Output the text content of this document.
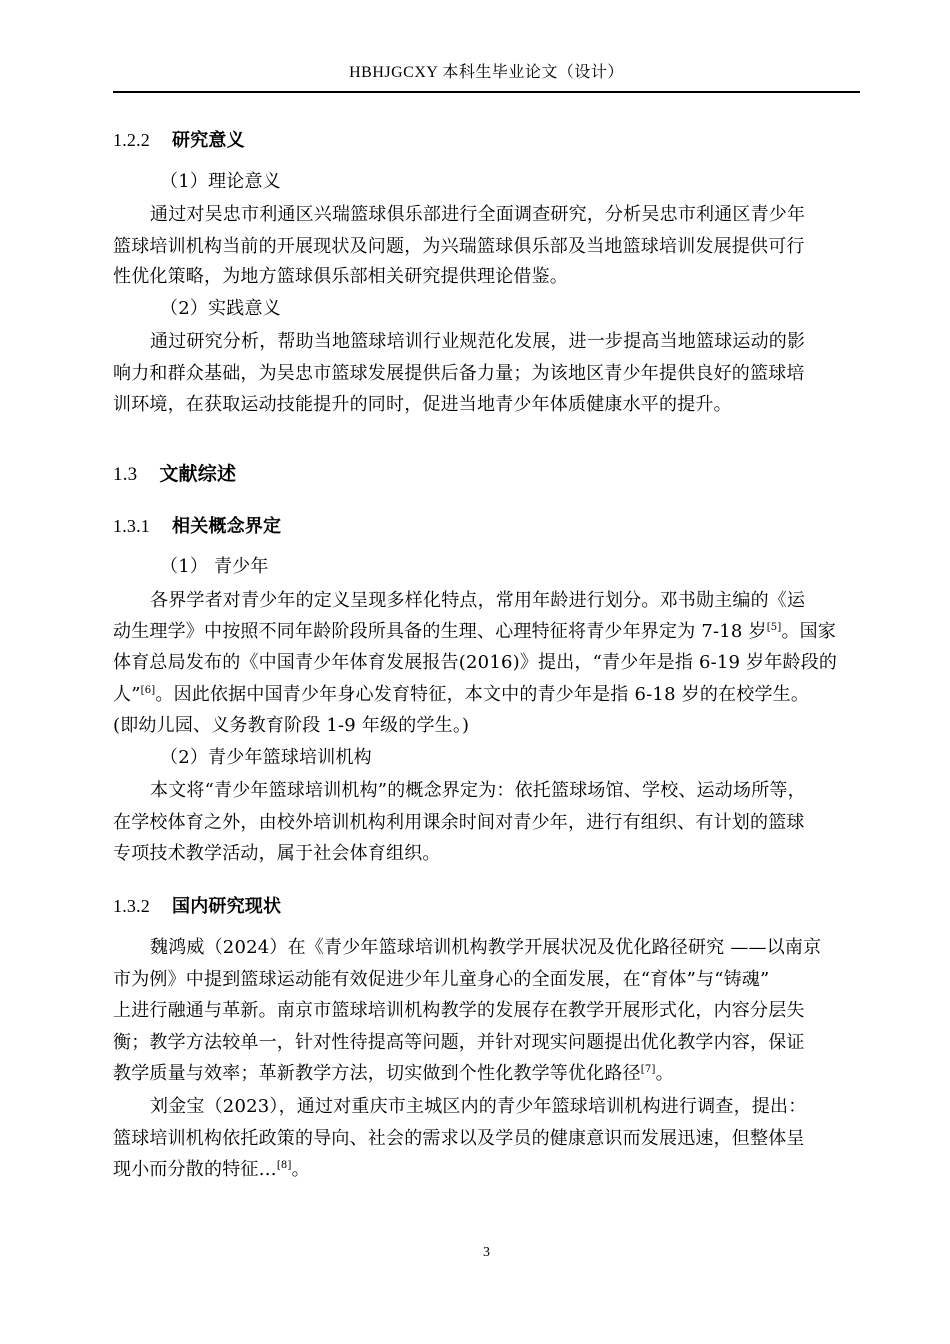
HBHJGCXY 本科生毕业论文（设计）
1.2.2 研究意义
（1）理论意义
通过对吴忠市利通区兴瑞篮球俱乐部进行全面调查研究，分析吴忠市利通区青少年
篮球培训机构当前的开展现状及问题，为兴瑞篮球俱乐部及当地篮球培训发展提供可行
性优化策略，为地方篮球俱乐部相关研究提供理论借鉴。
（2）实践意义
通过研究分析，帮助当地篮球培训行业规范化发展，进一步提高当地篮球运动的影
响力和群众基础，为吴忠市篮球发展提供后备力量；为该地区青少年提供良好的篮球培
训环境，在获取运动技能提升的同时，促进当地青少年体质健康水平的提升。
1.3 文献综述
1.3.1 相关概念界定
（1） 青少年
各界学者对青少年的定义呈现多样化特点，常用年龄进行划分。邓书勋主编的《运
动生理学》中按照不同年龄阶段所具备的生理、心理特征将青少年界定为 7-18 岁[5]。国家
体育总局发布的《中国青少年体育发展报告(2016)》提出，“青少年是指 6-19 岁年龄段的
人”[6]。因此依据中国青少年身心发育特征，本文中的青少年是指 6-18 岁的在校学生。
(即幼儿园、义务教育阶段 1-9 年级的学生。)
（2）青少年篮球培训机构
本文将“青少年篮球培训机构”的概念界定为：依托篮球场馆、学校、运动场所等，
在学校体育之外，由校外培训机构利用课余时间对青少年，进行有组织、有计划的篮球
专项技术教学活动，属于社会体育组织。
1.3.2 国内研究现状
魏鸿威（2024）在《青少年篮球培训机构教学开展状况及优化路径研究 ——以南京
市为例》中提到篮球运动能有效促进少年儿童身心的全面发展，在“育体”与“铸魂”
上进行融通与革新。南京市篮球培训机构教学的发展存在教学开展形式化，内容分层失
衡；教学方法较单一，针对性待提高等问题，并针对现实问题提出优化教学内容，保证
教学质量与效率；革新教学方法，切实做到个性化教学等优化路径[7]。
刘金宝（2023），通过对重庆市主城区内的青少年篮球培训机构进行调查，提出：
篮球培训机构依托政策的导向、社会的需求以及学员的健康意识而发展迅速，但整体呈
现小而分散的特征…[8]。
3
